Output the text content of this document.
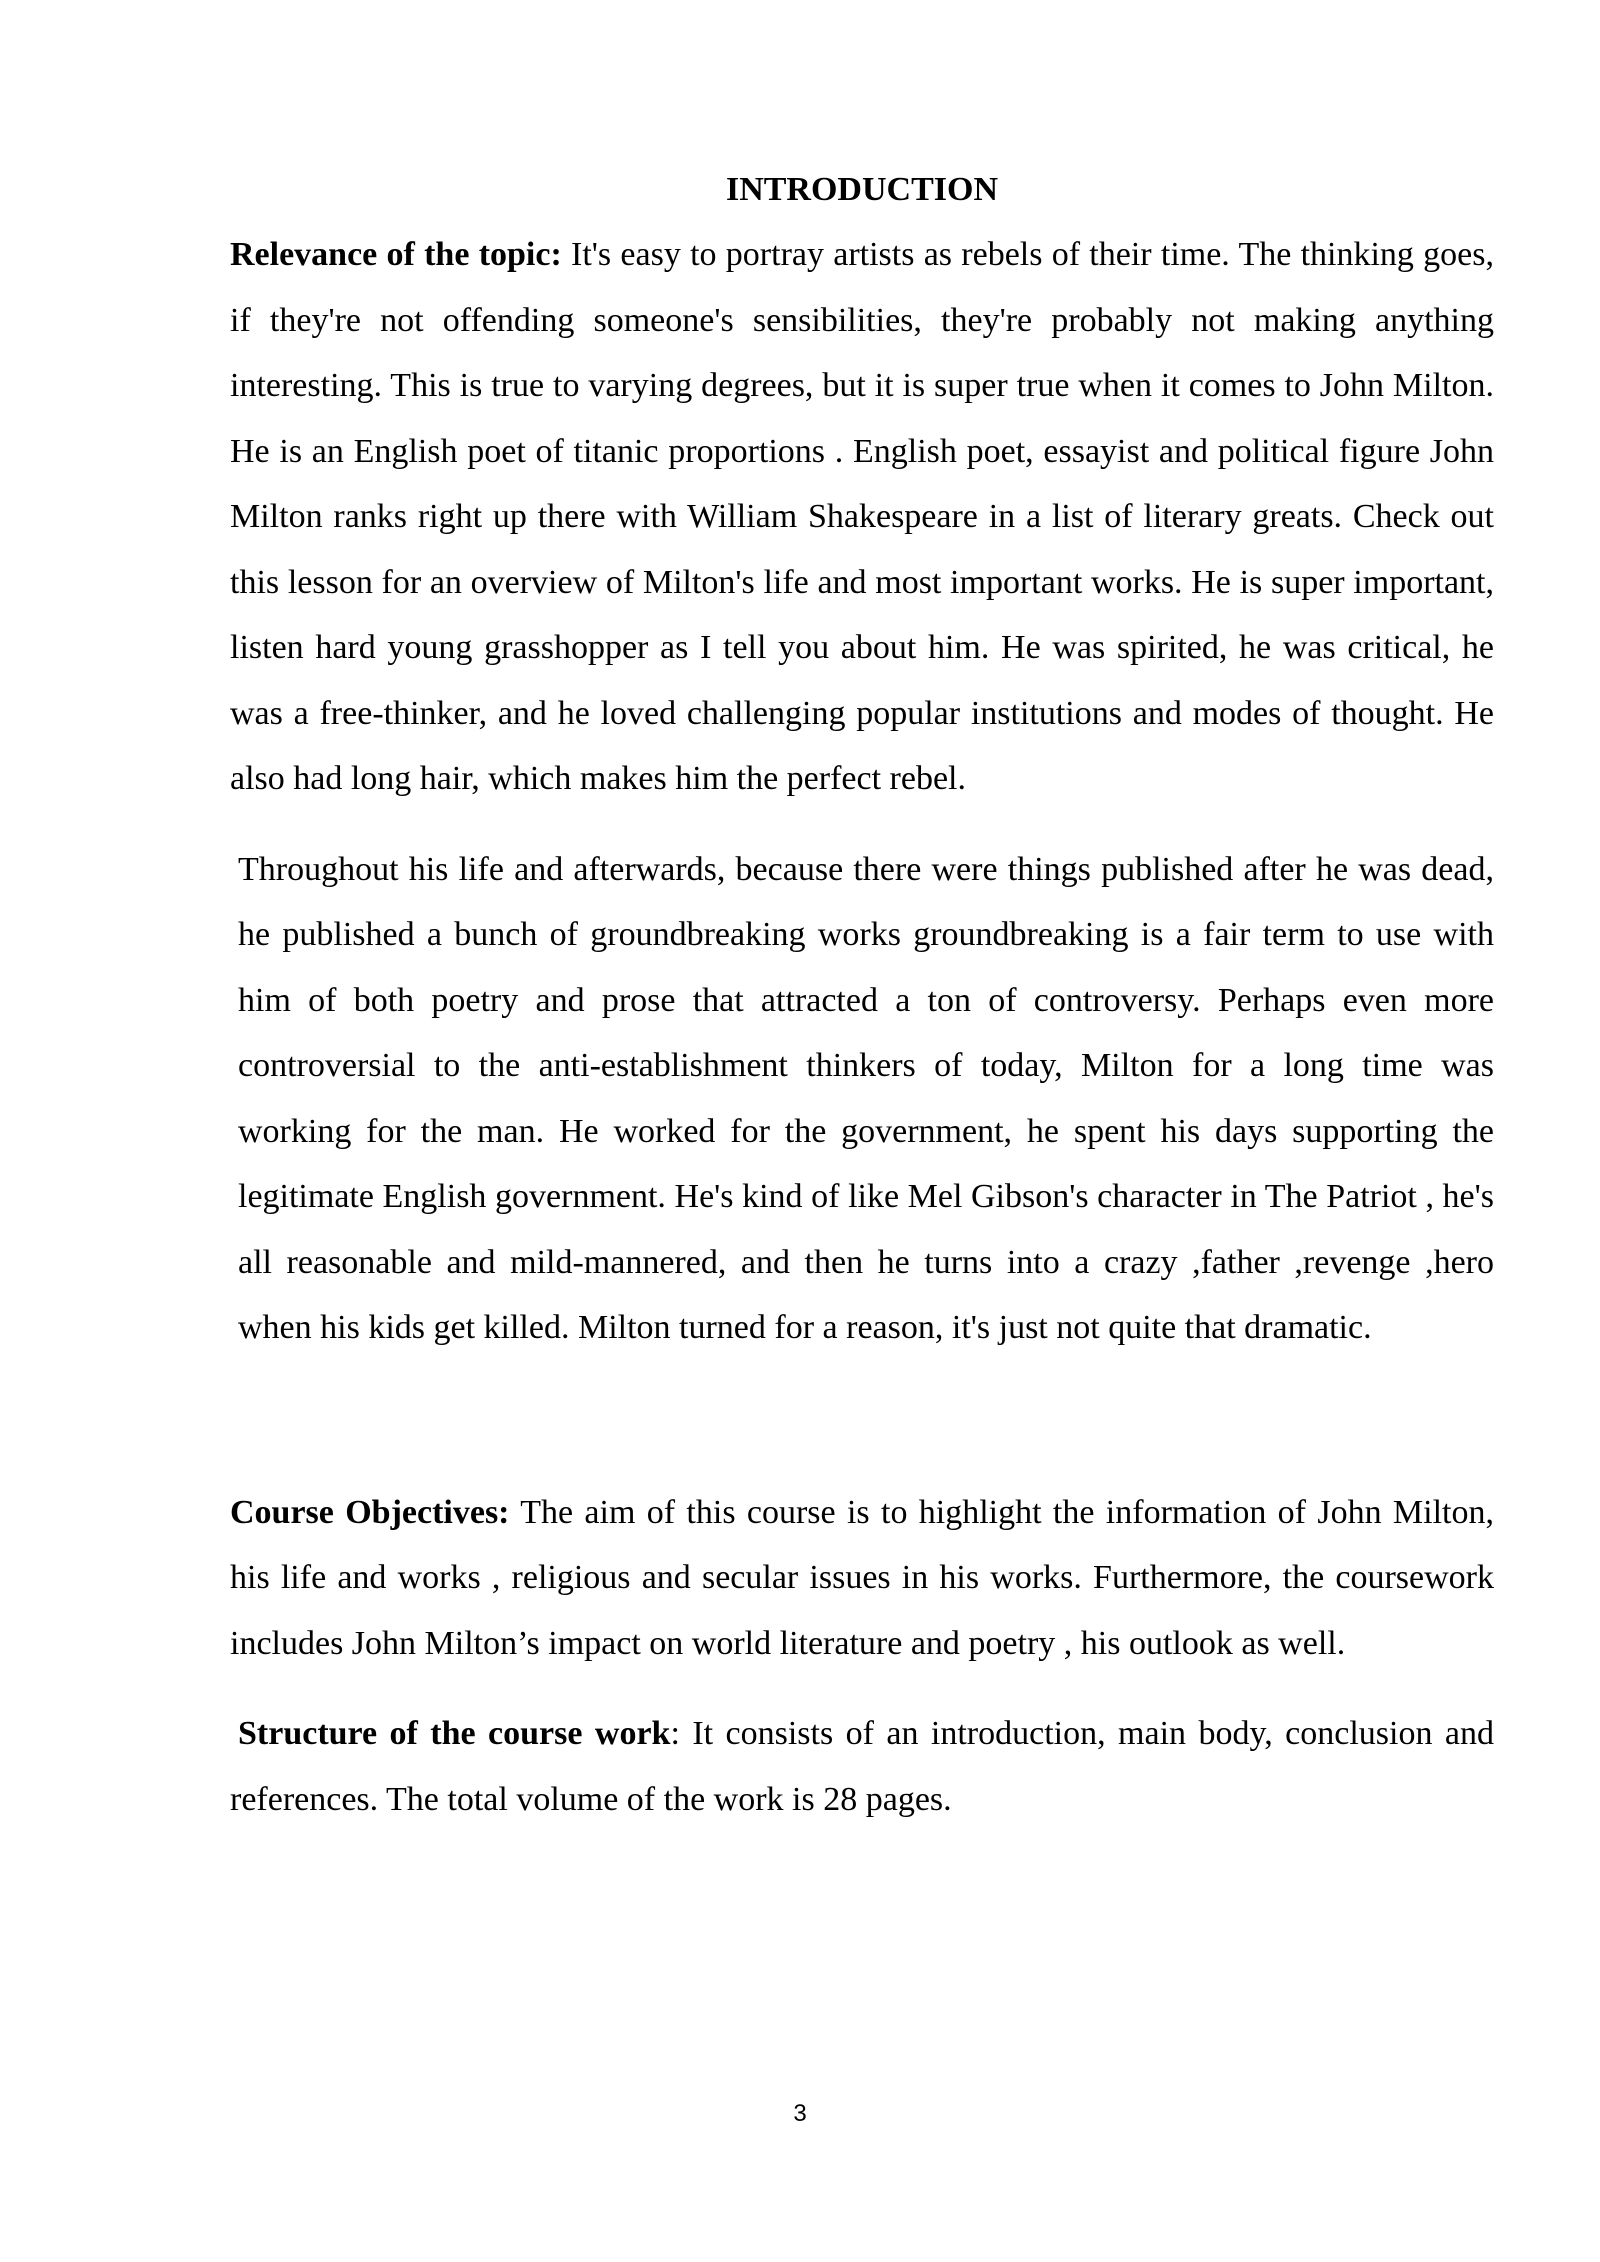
INTRODUCTION

Relevance of the topic: It's easy to portray artists as rebels of their time. The thinking goes, if they're not offending someone's sensibilities, they're probably not making anything interesting. This is true to varying degrees, but it is super true when it comes to John Milton. He is an English poet of titanic proportions . English poet, essayist and political figure John Milton ranks right up there with William Shakespeare in a list of literary greats. Check out this lesson for an overview of Milton's life and most important works. He is super important, listen hard young grasshopper as I tell you about him. He was spirited, he was critical, he was a free-thinker, and he loved challenging popular institutions and modes of thought. He also had long hair, which makes him the perfect rebel.

Throughout his life and afterwards, because there were things published after he was dead, he published a bunch of groundbreaking works groundbreaking is a fair term to use with him of both poetry and prose that attracted a ton of controversy. Perhaps even more controversial to the anti-establishment thinkers of today, Milton for a long time was working for the man. He worked for the government, he spent his days supporting the legitimate English government. He's kind of like Mel Gibson's character in The Patriot , he's all reasonable and mild-mannered, and then he turns into a crazy ,father ,revenge ,hero when his kids get killed. Milton turned for a reason, it's just not quite that dramatic.

Course Objectives: The aim of this course is to highlight the information of John Milton, his life and works , religious and secular issues in his works. Furthermore, the coursework includes John Milton’s impact on world literature and poetry , his outlook as well.

Structure of the course work: It consists of an introduction, main body, conclusion and references. The total volume of the work is 28 pages.

3
